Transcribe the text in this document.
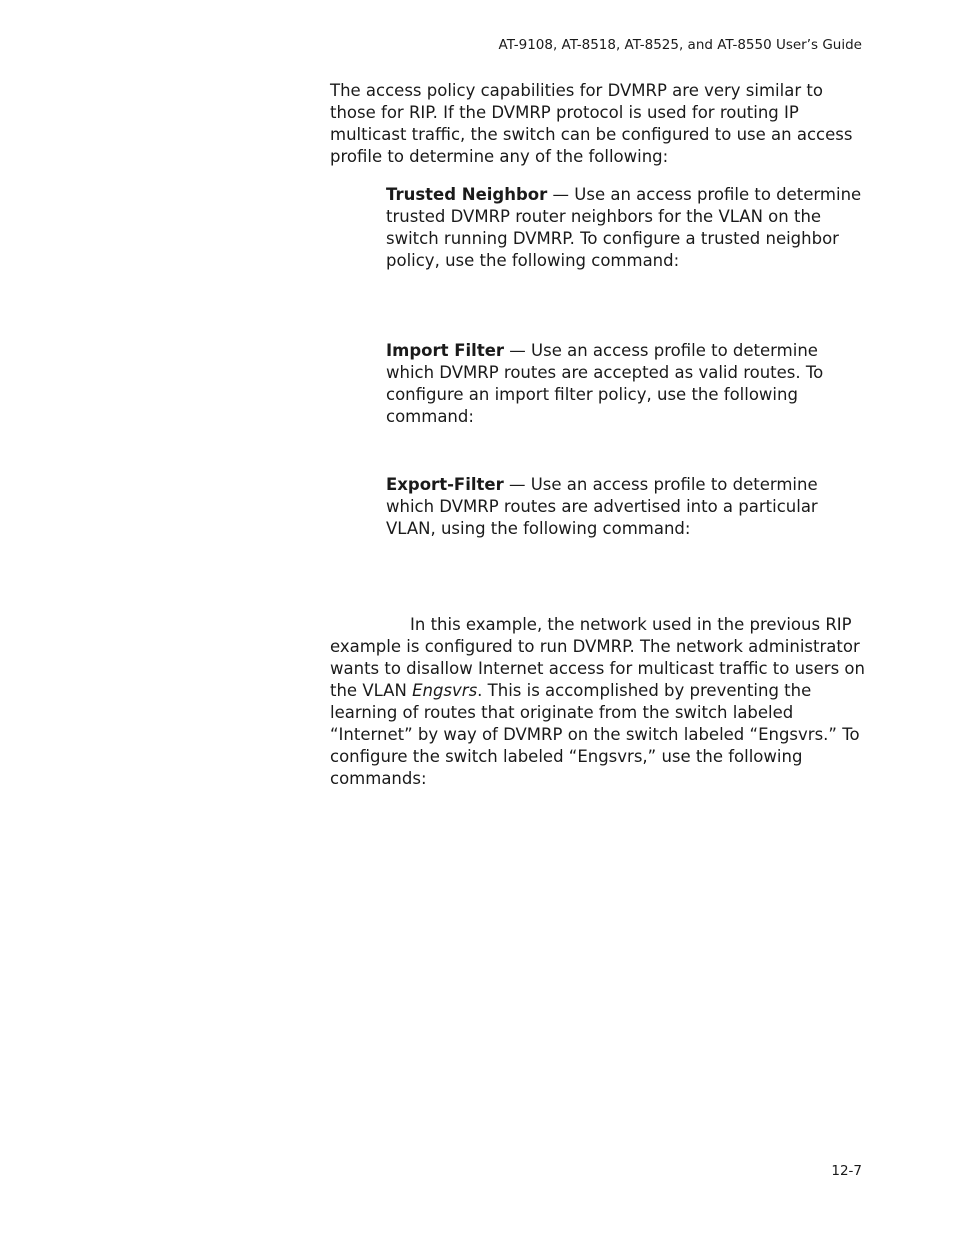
AT-9108, AT-8518, AT-8525, and AT-8550 User’s Guide

The access policy capabilities for DVMRP are very similar to those for RIP. If the DVMRP protocol is used for routing IP multicast traffic, the switch can be configured to use an access profile to determine any of the following:

Trusted Neighbor — Use an access profile to determine trusted DVMRP router neighbors for the VLAN on the switch running DVMRP. To configure a trusted neighbor policy, use the following command:

Import Filter — Use an access profile to determine which DVMRP routes are accepted as valid routes. To configure an import filter policy, use the following command:

Export-Filter — Use an access profile to determine which DVMRP routes are advertised into a particular VLAN, using the following command:

In this example, the network used in the previous RIP example is configured to run DVMRP. The network administrator wants to disallow Internet access for multicast traffic to users on the VLAN Engsvrs. This is accomplished by preventing the learning of routes that originate from the switch labeled “Internet” by way of DVMRP on the switch labeled “Engsvrs.” To configure the switch labeled “Engsvrs,” use the following commands:

12-7
